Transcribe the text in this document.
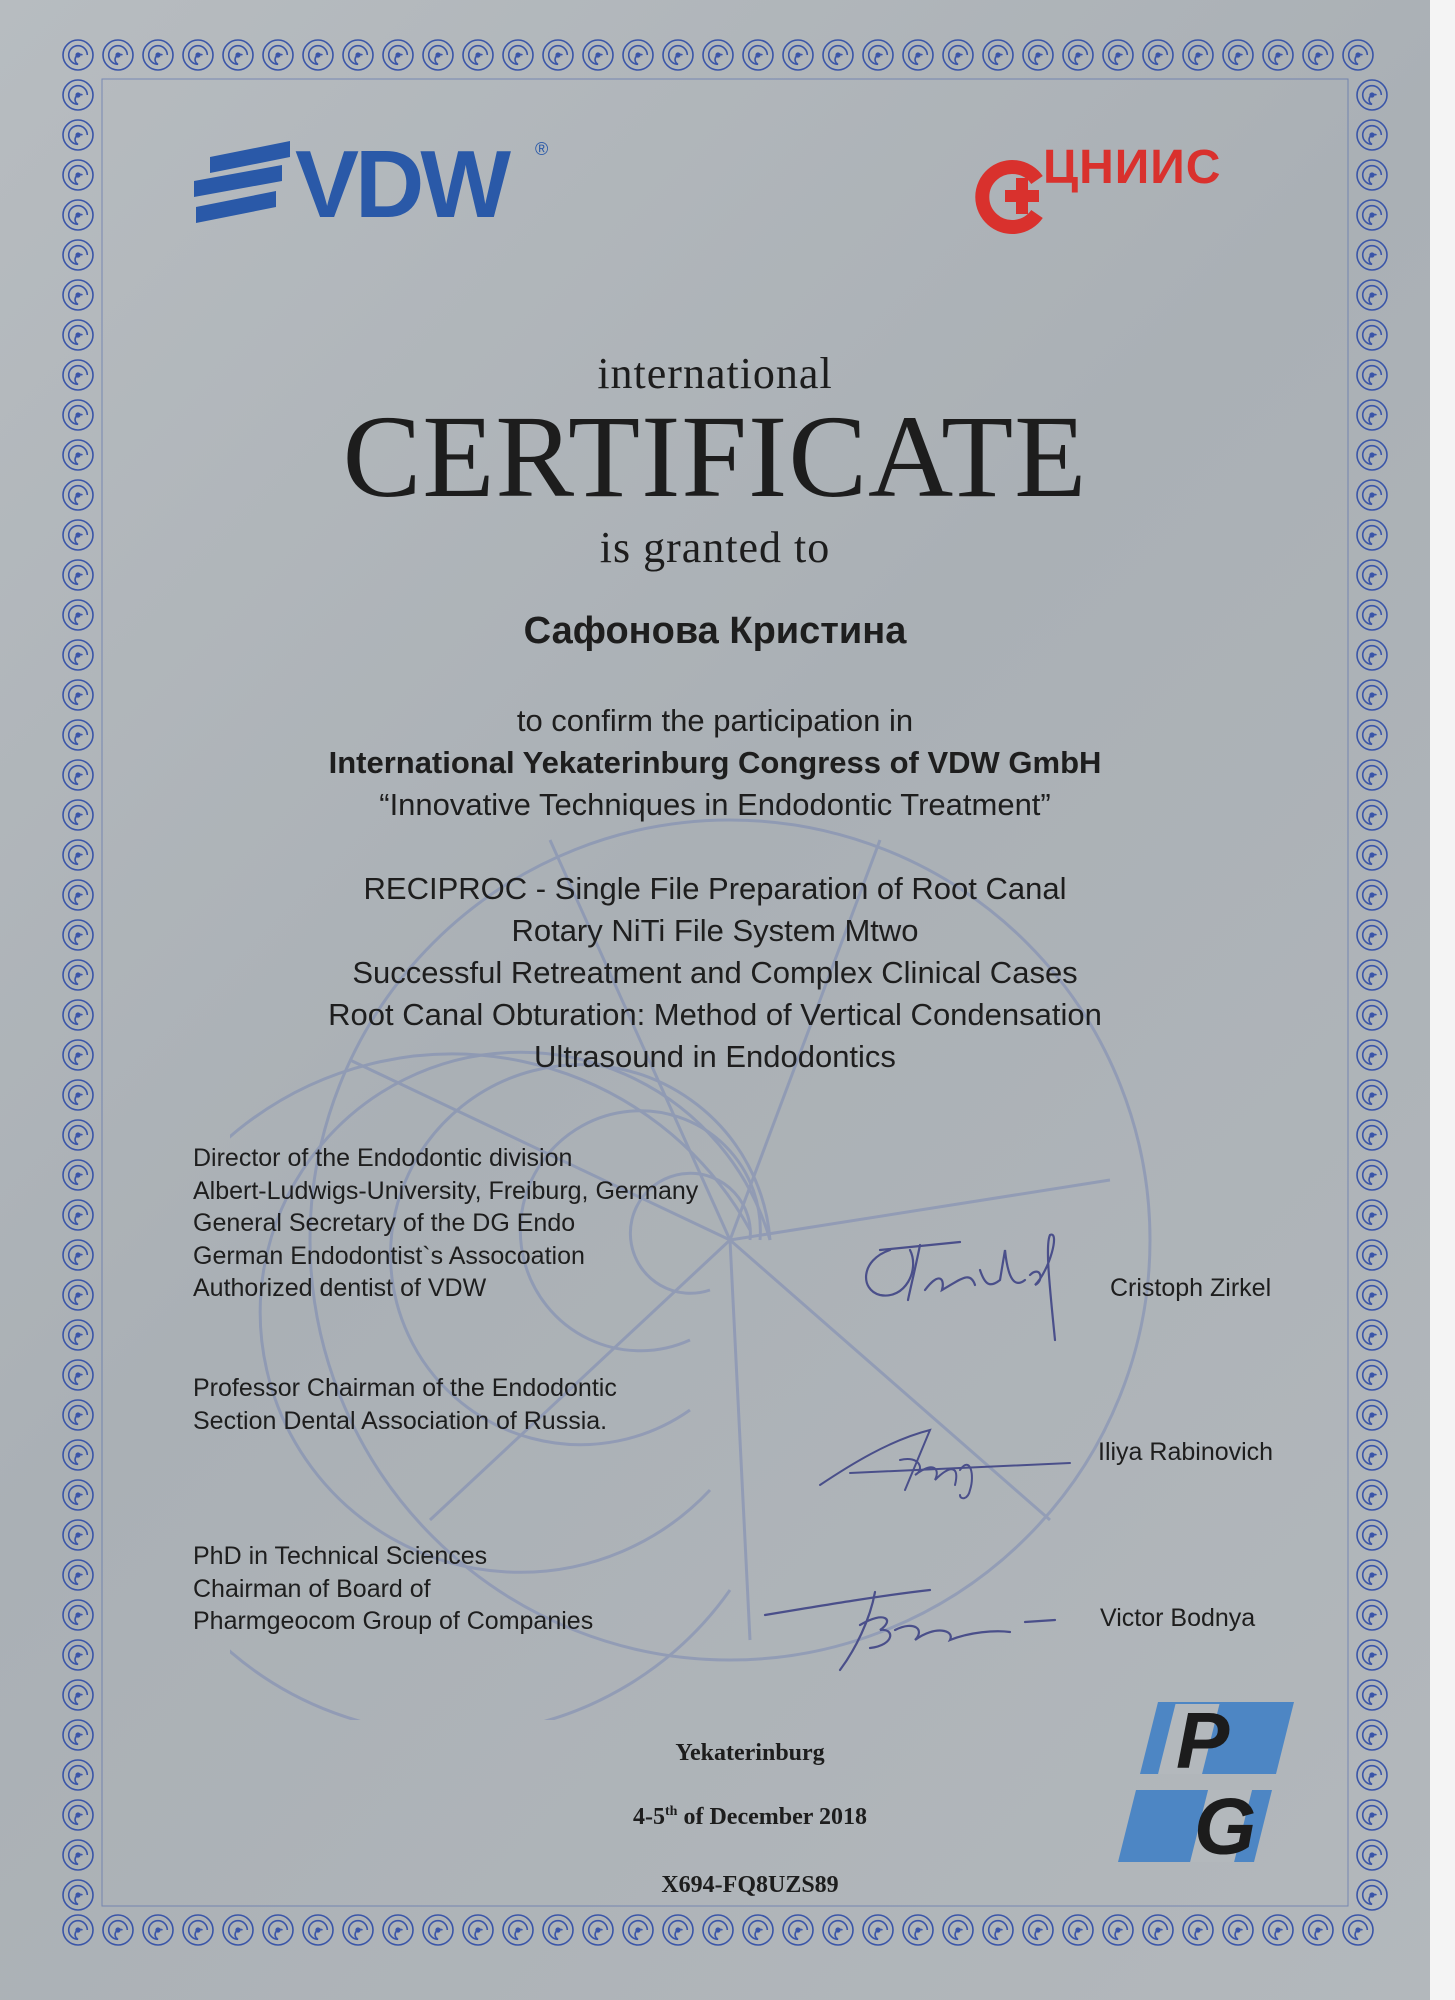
VDW ®	ЦНИИС
international
CERTIFICATE
is granted to
Сафонова Кристина
to confirm the participation in
International Yekaterinburg Congress of VDW GmbH
“Innovative Techniques in Endodontic Treatment”
RECIPROC - Single File Preparation of Root Canal
Rotary NiTi File System Mtwo
Successful Retreatment and Complex Clinical Cases
Root Canal Obturation: Method of Vertical Condensation
Ultrasound in Endodontics
Director of the Endodontic division
Albert-Ludwigs-University, Freiburg, Germany
General Secretary of the DG Endo
German Endodontist`s Assocoation
Authorized dentist of VDW	Cristoph Zirkel
Professor Chairman of the Endodontic
Section Dental Association of Russia.
Iliya Rabinovich
PhD in Technical Sciences
Chairman of Board of
Pharmgeocom Group of Companies	Victor Bodnya
Yekaterinburg
4-5th of December 2018
X694-FQ8UZS89
P
G
